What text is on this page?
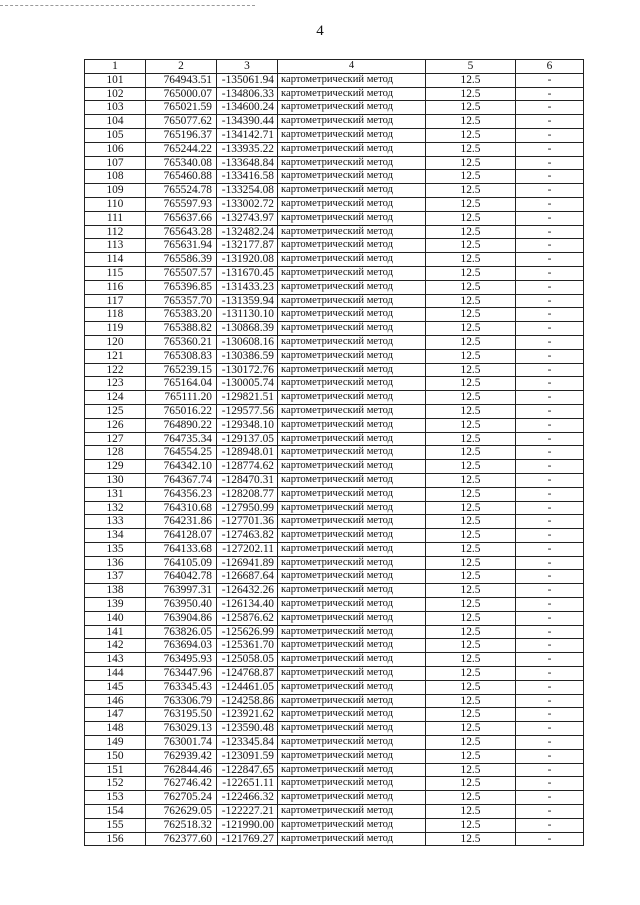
4
1	2	3	4	5	6
101	764943.51	-135061.94	картометрический метод	12.5	-
102	765000.07	-134806.33	картометрический метод	12.5	-
103	765021.59	-134600.24	картометрический метод	12.5	-
104	765077.62	-134390.44	картометрический метод	12.5	-
105	765196.37	-134142.71	картометрический метод	12.5	-
106	765244.22	-133935.22	картометрический метод	12.5	-
107	765340.08	-133648.84	картометрический метод	12.5	-
108	765460.88	-133416.58	картометрический метод	12.5	-
109	765524.78	-133254.08	картометрический метод	12.5	-
110	765597.93	-133002.72	картометрический метод	12.5	-
111	765637.66	-132743.97	картометрический метод	12.5	-
112	765643.28	-132482.24	картометрический метод	12.5	-
113	765631.94	-132177.87	картометрический метод	12.5	-
114	765586.39	-131920.08	картометрический метод	12.5	-
115	765507.57	-131670.45	картометрический метод	12.5	-
116	765396.85	-131433.23	картометрический метод	12.5	-
117	765357.70	-131359.94	картометрический метод	12.5	-
118	765383.20	-131130.10	картометрический метод	12.5	-
119	765388.82	-130868.39	картометрический метод	12.5	-
120	765360.21	-130608.16	картометрический метод	12.5	-
121	765308.83	-130386.59	картометрический метод	12.5	-
122	765239.15	-130172.76	картометрический метод	12.5	-
123	765164.04	-130005.74	картометрический метод	12.5	-
124	765111.20	-129821.51	картометрический метод	12.5	-
125	765016.22	-129577.56	картометрический метод	12.5	-
126	764890.22	-129348.10	картометрический метод	12.5	-
127	764735.34	-129137.05	картометрический метод	12.5	-
128	764554.25	-128948.01	картометрический метод	12.5	-
129	764342.10	-128774.62	картометрический метод	12.5	-
130	764367.74	-128470.31	картометрический метод	12.5	-
131	764356.23	-128208.77	картометрический метод	12.5	-
132	764310.68	-127950.99	картометрический метод	12.5	-
133	764231.86	-127701.36	картометрический метод	12.5	-
134	764128.07	-127463.82	картометрический метод	12.5	-
135	764133.68	-127202.11	картометрический метод	12.5	-
136	764105.09	-126941.89	картометрический метод	12.5	-
137	764042.78	-126687.64	картометрический метод	12.5	-
138	763997.31	-126432.26	картометрический метод	12.5	-
139	763950.40	-126134.40	картометрический метод	12.5	-
140	763904.86	-125876.62	картометрический метод	12.5	-
141	763826.05	-125626.99	картометрический метод	12.5	-
142	763694.03	-125361.70	картометрический метод	12.5	-
143	763495.93	-125058.05	картометрический метод	12.5	-
144	763447.96	-124768.87	картометрический метод	12.5	-
145	763345.43	-124461.05	картометрический метод	12.5	-
146	763306.79	-124258.86	картометрический метод	12.5	-
147	763195.50	-123921.62	картометрический метод	12.5	-
148	763029.13	-123590.48	картометрический метод	12.5	-
149	763001.74	-123345.84	картометрический метод	12.5	-
150	762939.42	-123091.59	картометрический метод	12.5	-
151	762844.46	-122847.65	картометрический метод	12.5	-
152	762746.42	-122651.11	картометрический метод	12.5	-
153	762705.24	-122466.32	картометрический метод	12.5	-
154	762629.05	-122227.21	картометрический метод	12.5	-
155	762518.32	-121990.00	картометрический метод	12.5	-
156	762377.60	-121769.27	картометрический метод	12.5	-
